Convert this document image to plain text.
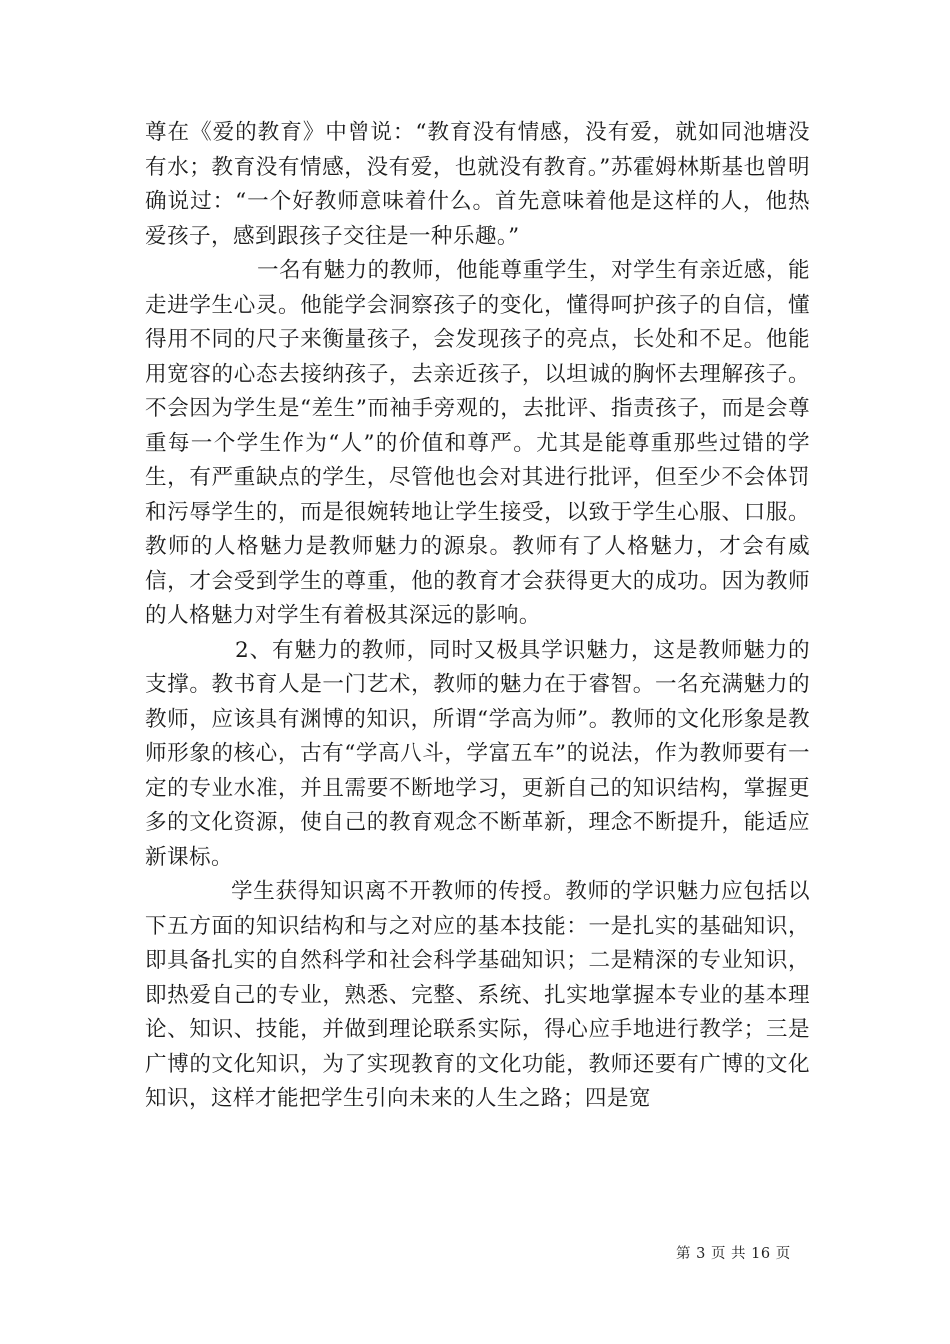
尊在《爱的教育》中曾说：“教育没有情感，没有爱，就如同池塘没有水；教育没有情感，没有爱，也就没有教育。”苏霍姆林斯基也曾明确说过：“一个好教师意味着什么。首先意味着他是这样的人，他热爱孩子，感到跟孩子交往是一种乐趣。”

一名有魅力的教师，他能尊重学生，对学生有亲近感，能走进学生心灵。他能学会洞察孩子的变化，懂得呵护孩子的自信，懂得用不同的尺子来衡量孩子，会发现孩子的亮点，长处和不足。他能用宽容的心态去接纳孩子，去亲近孩子，以坦诚的胸怀去理解孩子。不会因为学生是“差生”而袖手旁观的，去批评、指责孩子，而是会尊重每一个学生作为“人”的价值和尊严。尤其是能尊重那些过错的学生，有严重缺点的学生，尽管他也会对其进行批评，但至少不会体罚和污辱学生的，而是很婉转地让学生接受，以致于学生心服、口服。教师的人格魅力是教师魅力的源泉。教师有了人格魅力，才会有威信，才会受到学生的尊重，他的教育才会获得更大的成功。因为教师的人格魅力对学生有着极其深远的影响。

2、有魅力的教师，同时又极具学识魅力，这是教师魅力的支撑。教书育人是一门艺术，教师的魅力在于睿智。一名充满魅力的教师，应该具有渊博的知识，所谓“学高为师”。教师的文化形象是教师形象的核心，古有“学高八斗，学富五车”的说法，作为教师要有一定的专业水准，并且需要不断地学习，更新自己的知识结构，掌握更多的文化资源，使自己的教育观念不断革新，理念不断提升，能适应新课标。

学生获得知识离不开教师的传授。教师的学识魅力应包括以下五方面的知识结构和与之对应的基本技能：一是扎实的基础知识，即具备扎实的自然科学和社会科学基础知识；二是精深的专业知识，即热爱自己的专业，熟悉、完整、系统、扎实地掌握本专业的基本理论、知识、技能，并做到理论联系实际，得心应手地进行教学；三是广博的文化知识，为了实现教育的文化功能，教师还要有广博的文化知识，这样才能把学生引向未来的人生之路；四是宽

第 3 页 共 16 页
